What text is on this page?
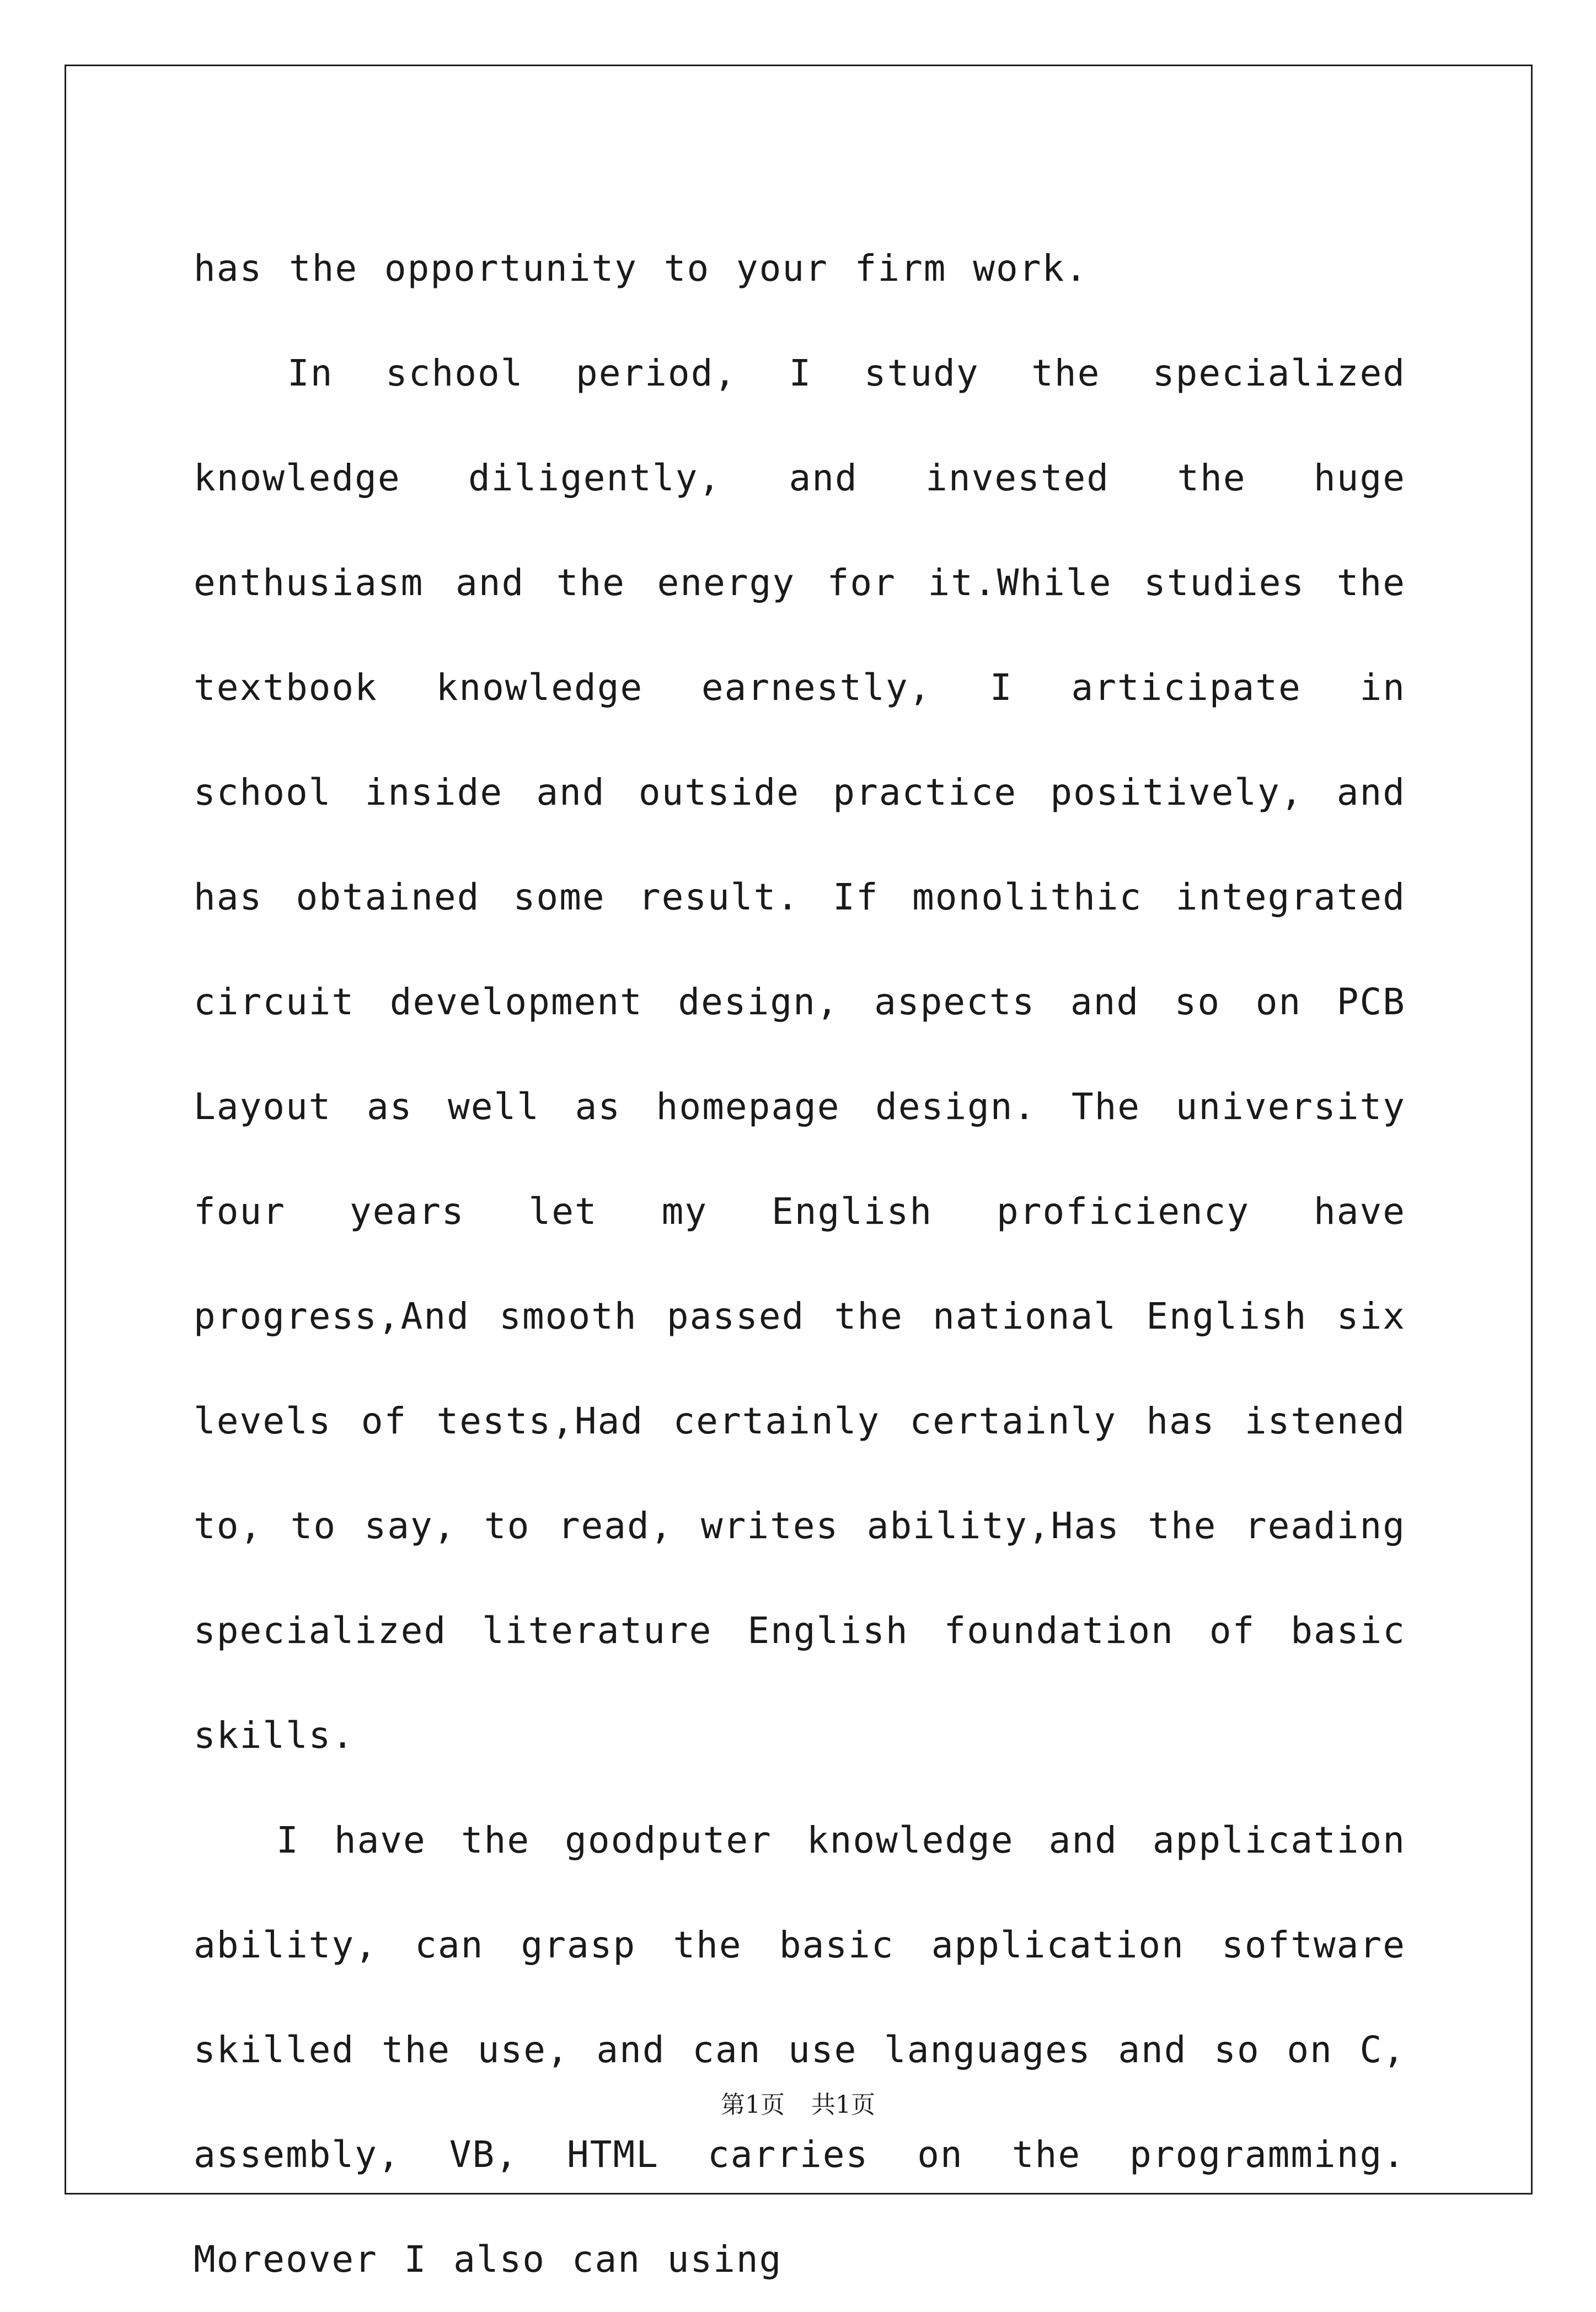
has the opportunity to your firm work.

In school period, I study the specialized knowledge diligently, and invested the huge enthusiasm and the energy for it.While studies the textbook knowledge earnestly, I articipate in school inside and outside practice positively, and has obtained some result. If monolithic integrated circuit development design, aspects and so on PCB Layout as well as homepage design. The university four years let my English proficiency have progress,And smooth passed the national English six levels of tests,Had certainly certainly has istened to, to say, to read, writes ability,Has the reading specialized literature English foundation of basic skills.

I have the goodputer knowledge and application ability, can grasp the basic application software skilled the use, and can use languages and so on C, assembly, VB, HTML carries on the programming. Moreover I also can using

第1页 共1页
